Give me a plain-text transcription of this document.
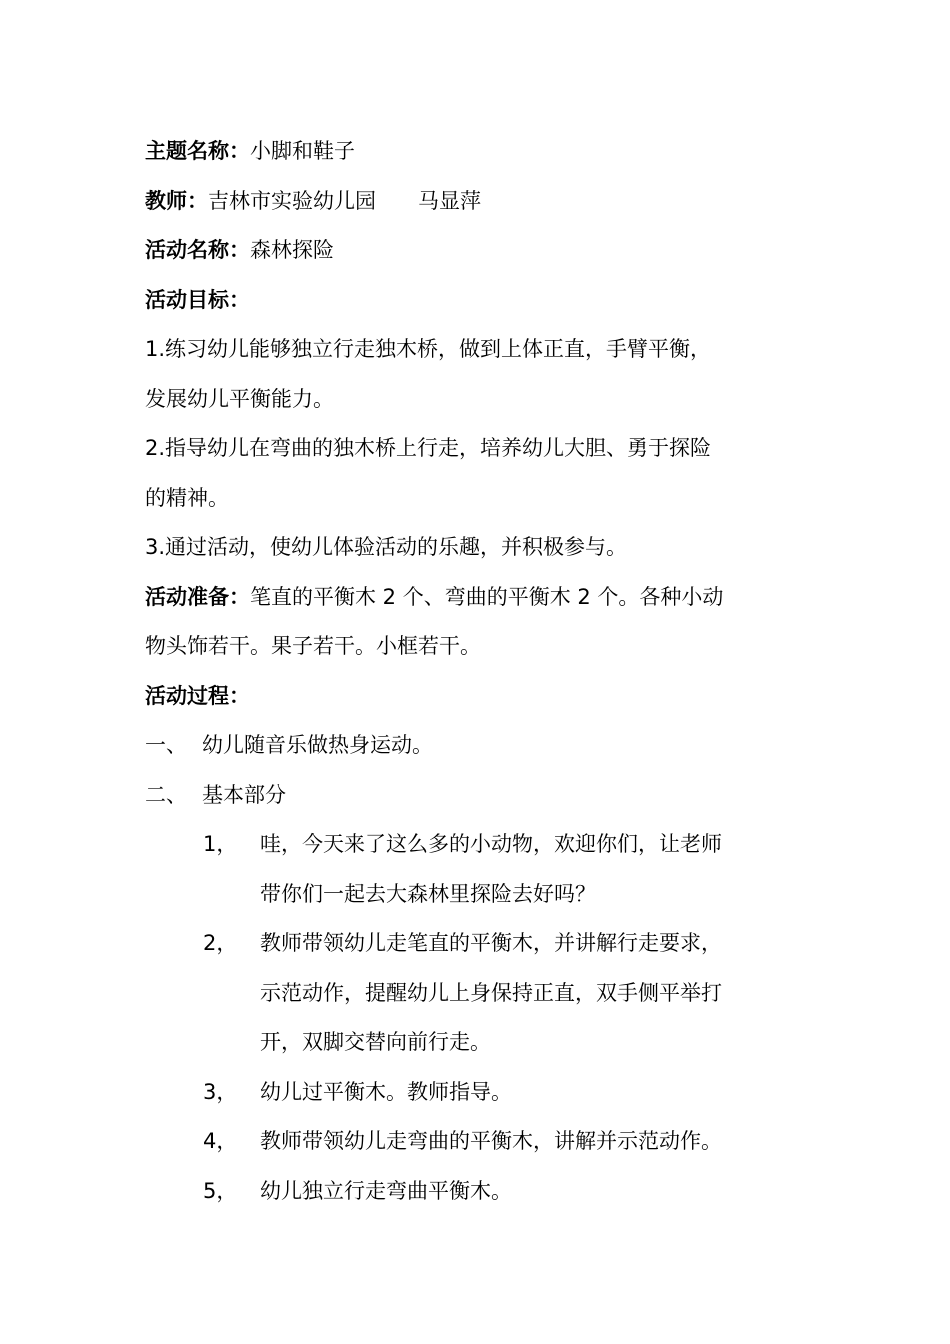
主题名称：小脚和鞋子
教师：吉林市实验幼儿园　　马显萍
活动名称：森林探险
活动目标：
1.练习幼儿能够独立行走独木桥，做到上体正直，手臂平衡，
发展幼儿平衡能力。
2.指导幼儿在弯曲的独木桥上行走，培养幼儿大胆、勇于探险
的精神。
3.通过活动，使幼儿体验活动的乐趣，并积极参与。
活动准备：笔直的平衡木 2 个、弯曲的平衡木 2 个。各种小动
物头饰若干。果子若干。小框若干。
活动过程：
一、 幼儿随音乐做热身运动。
二、 基本部分
1，	哇，今天来了这么多的小动物，欢迎你们，让老师
带你们一起去大森林里探险去好吗？
2，	教师带领幼儿走笔直的平衡木，并讲解行走要求，
示范动作，提醒幼儿上身保持正直，双手侧平举打
开，双脚交替向前行走。
3，	幼儿过平衡木。教师指导。
4，	教师带领幼儿走弯曲的平衡木，讲解并示范动作。
5，	幼儿独立行走弯曲平衡木。
